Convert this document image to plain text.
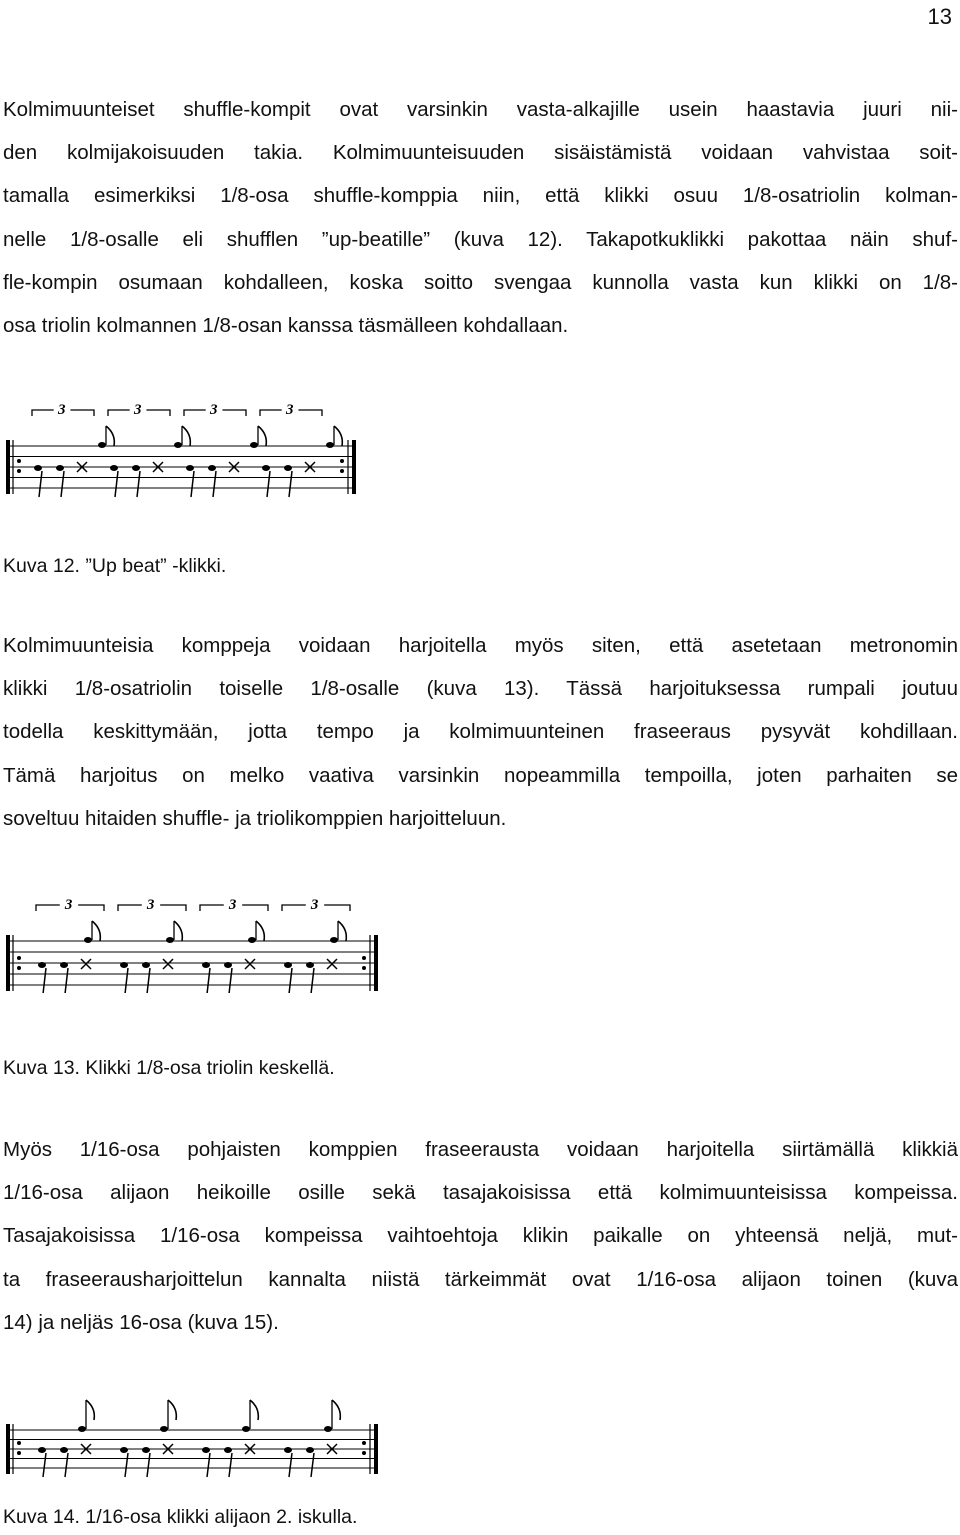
13
Kolmimuunteiset shuffle-kompit ovat varsinkin vasta-alkajille usein haastavia juuri nii-
den kolmijakoisuuden takia. Kolmimuunteisuuden sisäistämistä voidaan vahvistaa soit-
tamalla esimerkiksi 1/8-osa shuffle-komppia niin, että klikki osuu 1/8-osatriolin kolman-
nelle 1/8-osalle eli shufflen ”up-beatille” (kuva 12). Takapotkuklikki pakottaa näin shuf-
fle-kompin osumaan kohdalleen, koska soitto svengaa kunnolla vasta kun klikki on 1/8-
osa triolin kolmannen 1/8-osan kanssa täsmälleen kohdallaan.
3	3	3	3

Kuva 12. ”Up beat” -klikki.

Kolmimuunteisia komppeja voidaan harjoitella myös siten, että asetetaan metronomin
klikki 1/8-osatriolin toiselle 1/8-osalle (kuva 13). Tässä harjoituksessa rumpali joutuu
todella keskittymään, jotta tempo ja kolmimuunteinen fraseeraus pysyvät kohdillaan.
Tämä harjoitus on melko vaativa varsinkin nopeammilla tempoilla, joten parhaiten se
soveltuu hitaiden shuffle- ja triolikomppien harjoitteluun.
3	3	3	3

Kuva 13. Klikki 1/8-osa triolin keskellä.

Myös 1/16-osa pohjaisten komppien fraseerausta voidaan harjoitella siirtämällä klikkiä
1/16-osa alijaon heikoille osille sekä tasajakoisissa että kolmimuunteisissa kompeissa.
Tasajakoisissa 1/16-osa kompeissa vaihtoehtoja klikin paikalle on yhteensä neljä, mut-
ta fraseerausharjoittelun kannalta niistä tärkeimmät ovat 1/16-osa alijaon toinen (kuva
14) ja neljäs 16-osa (kuva 15).

Kuva 14. 1/16-osa klikki alijaon 2. iskulla.
